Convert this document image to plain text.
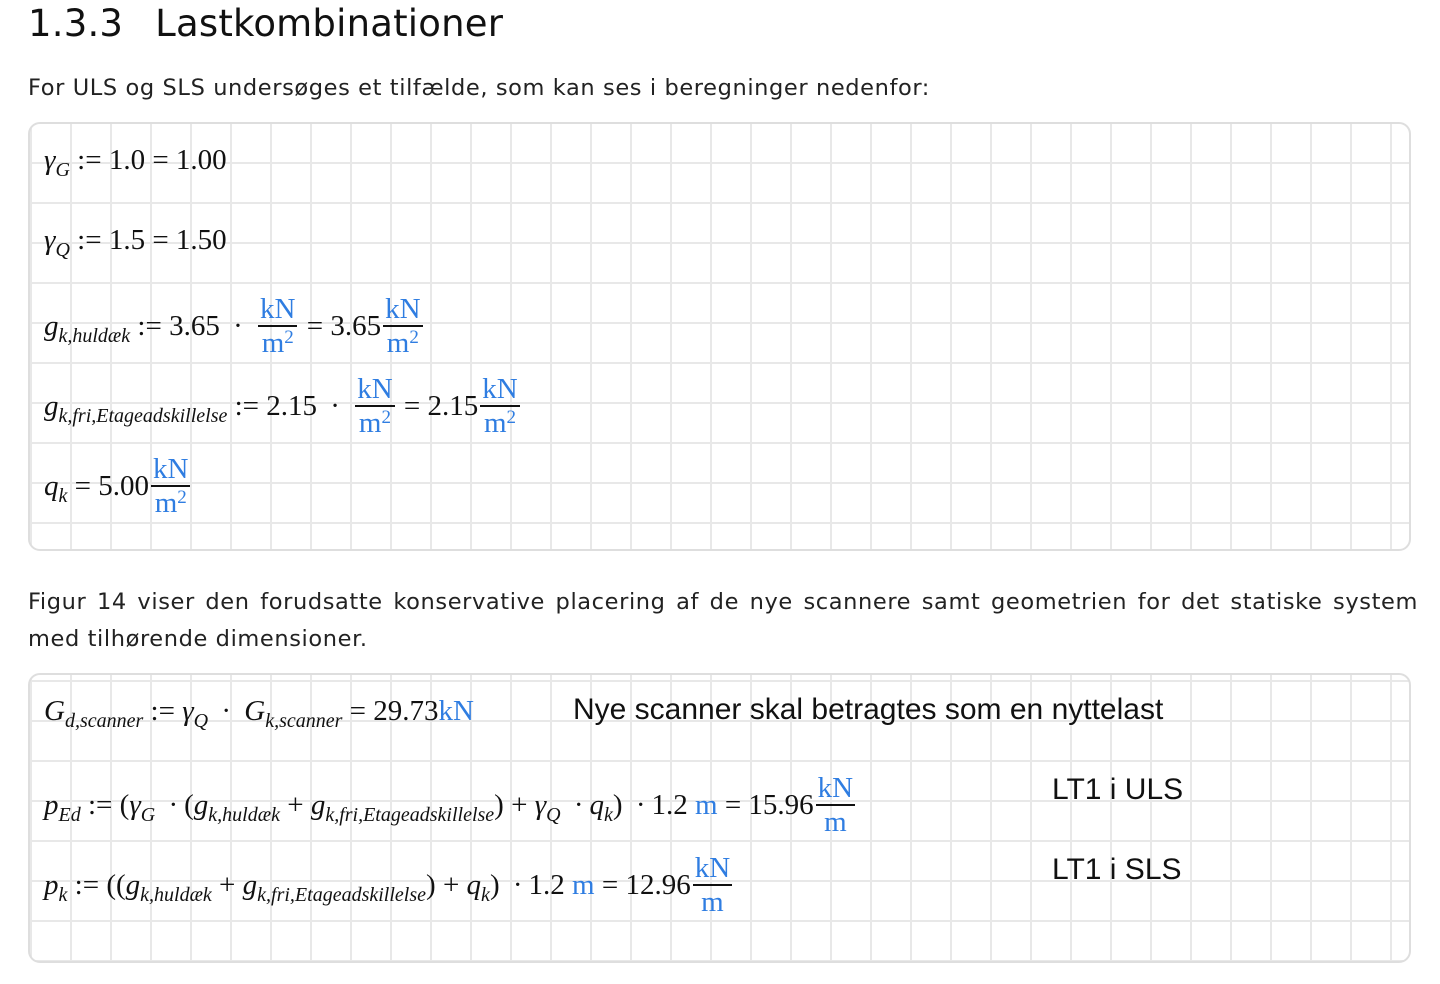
1.3.3 Lastkombinationer
For ULS og SLS undersøges et tilfælde, som kan ses i beregninger nedenfor:
$\gamma_G$ := 1.0 = 1.00
$\gamma_Q$ := 1.5 = 1.50
$g_{k,huldæk}$ := $3.65 \cdot \frac{kN}{m^2} = 3.65 \frac{kN}{m^2}$
$g_{k,fri,Etageadskillelse}$ := $2.15 \cdot \frac{kN}{m^2} = 2.15 \frac{kN}{m^2}$
$q_k = 5.00 \frac{kN}{m^2}$
Figur 14 viser den forudsatte konservative placering af de nye scannere samt geometrien for det statiske system med tilhørende dimensioner.
$G_{d,scanner}$ := $\gamma_Q \cdot G_{k,scanner} = 29.73kN$	Nye scanner skal betragtes som en nyttelast
$p_{Ed}$ := $(\gamma_G \cdot (g_{k,huldæk} + g_{k,fri,Etageadskillelse}) + \gamma_Q \cdot q_k) \cdot 1.2$ $m = 15.96 \frac{kN}{m}$	LT1 i ULS
$p_k$ := $((g_{k,huldæk} + g_{k,fri,Etageadskillelse}) + q_k) \cdot 1.2$ $m = 12.96 \frac{kN}{m}$	LT1 i SLS
